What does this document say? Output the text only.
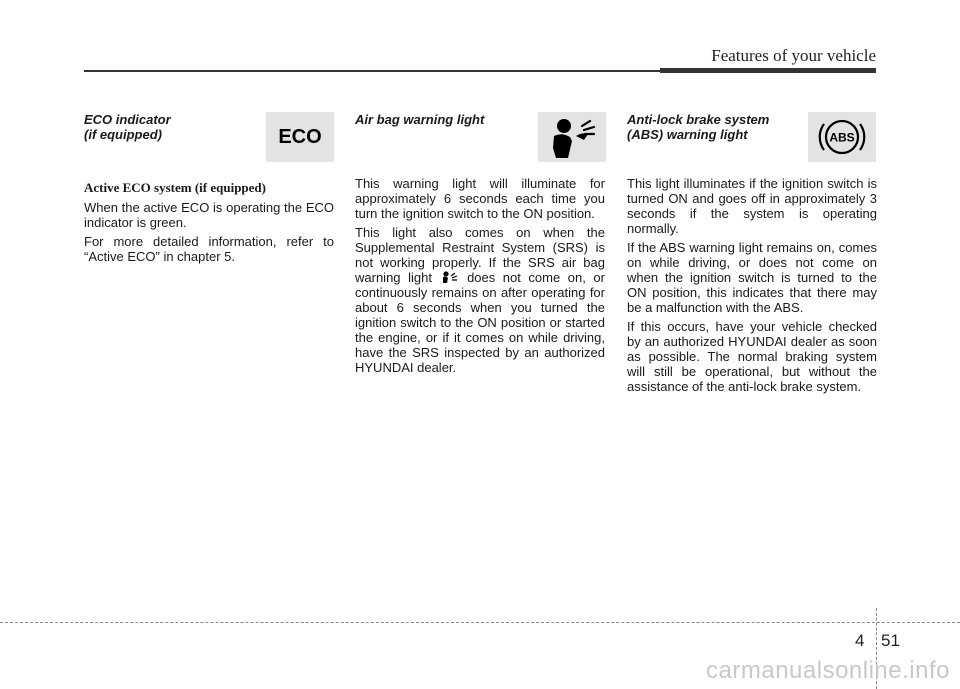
Features of your vehicle
ECO indicator
(if equipped)
Active ECO system (if equipped)

When the active ECO is operating the ECO indicator is green.

For more detailed information, refer to “Active ECO” in chapter 5.

ECO
Air bag warning light

This warning light will illuminate for approximately 6 seconds each time you turn the ignition switch to the ON position.

This light also comes on when the Supplemental Restraint System (SRS) is not working properly. If the SRS air bag warning light	does not come on, or continuously remains on after operating for about 6 seconds when you turned the ignition switch to the ON position or started the engine, or if it comes on while driving, have the SRS inspected by an authorized HYUNDAI dealer.

Anti-lock brake system
(ABS) warning light

This light illuminates if the ignition switch is turned ON and goes off in approximately 3 seconds if the system is operating normally.

If the ABS warning light remains on, comes on while driving, or does not come on when the ignition switch is turned to the ON position, this indicates that there may be a malfunction with the ABS.

If this occurs, have your vehicle checked by an authorized HYUNDAI dealer as soon as possible. The normal braking system will still be operational, but without the assistance of the anti-lock brake system.

ABS
4 51
carmanualsonline.info
